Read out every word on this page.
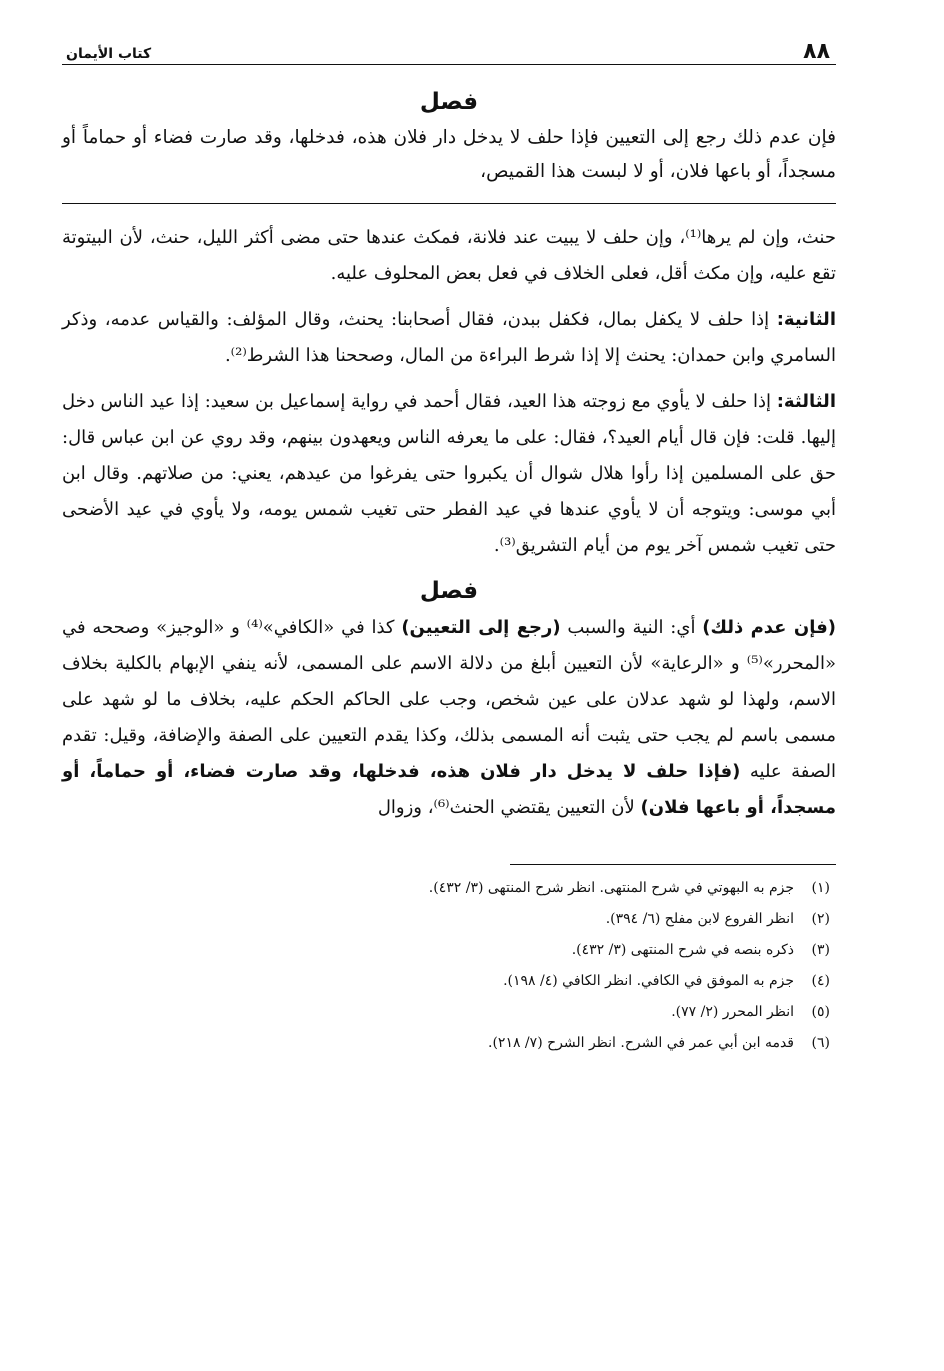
٨٨
كتاب الأيمان
فصل

فإن عدم ذلك رجع إلى التعيين فإذا حلف لا يدخل دار فلان هذه، فدخلها، وقد صارت فضاء أو حماماً أو مسجداً، أو باعها فلان، أو لا لبست هذا القميص،

حنث، وإن لم يرها⁽¹⁾، وإن حلف لا يبيت عند فلانة، فمكث عندها حتى مضى أكثر الليل، حنث، لأن البيتوتة تقع عليه، وإن مكث أقل، فعلى الخلاف في فعل بعض المحلوف عليه.

الثانية: إذا حلف لا يكفل بمال، فكفل ببدن، فقال أصحابنا: يحنث، وقال المؤلف: والقياس عدمه، وذكر السامري وابن حمدان: يحنث إلا إذا شرط البراءة من المال، وصححنا هذا الشرط⁽²⁾.

الثالثة: إذا حلف لا يأوي مع زوجته هذا العيد، فقال أحمد في رواية إسماعيل بن سعيد: إذا عيد الناس دخل إليها. قلت: فإن قال أيام العيد؟، فقال: على ما يعرفه الناس ويعهدون بينهم، وقد روي عن ابن عباس قال: حق على المسلمين إذا رأوا هلال شوال أن يكبروا حتى يفرغوا من عيدهم، يعني: من صلاتهم. وقال ابن أبي موسى: ويتوجه أن لا يأوي عندها في عيد الفطر حتى تغيب شمس يومه، ولا يأوي في عيد الأضحى حتى تغيب شمس آخر يوم من أيام التشريق⁽³⁾.

فصل

(فإن عدم ذلك) أي: النية والسبب (رجع إلى التعيين) كذا في «الكافي»⁽⁴⁾ و «الوجيز» وصححه في «المحرر»⁽⁵⁾ و «الرعاية» لأن التعيين أبلغ من دلالة الاسم على المسمى، لأنه ينفي الإبهام بالكلية بخلاف الاسم، ولهذا لو شهد عدلان على عين شخص، وجب على الحاكم الحكم عليه، بخلاف ما لو شهد على مسمى باسم لم يجب حتى يثبت أنه المسمى بذلك، وكذا يقدم التعيين على الصفة والإضافة، وقيل: تقدم الصفة عليه (فإذا حلف لا يدخل دار فلان هذه، فدخلها، وقد صارت فضاء، أو حماماً، أو مسجداً، أو باعها فلان) لأن التعيين يقتضي الحنث⁽⁶⁾، وزوال

(١)جزم به البهوتي في شرح المنتهى. انظر شرح المنتهى (٣/ ٤٣٢).

(٢)انظر الفروع لابن مفلح (٦/ ٣٩٤).

(٣)ذكره بنصه في شرح المنتهى (٣/ ٤٣٢).

(٤)جزم به الموفق في الكافي. انظر الكافي (٤/ ١٩٨).

(٥)انظر المحرر (٢/ ٧٧).

(٦)قدمه ابن أبي عمر في الشرح. انظر الشرح (٧/ ٢١٨).
